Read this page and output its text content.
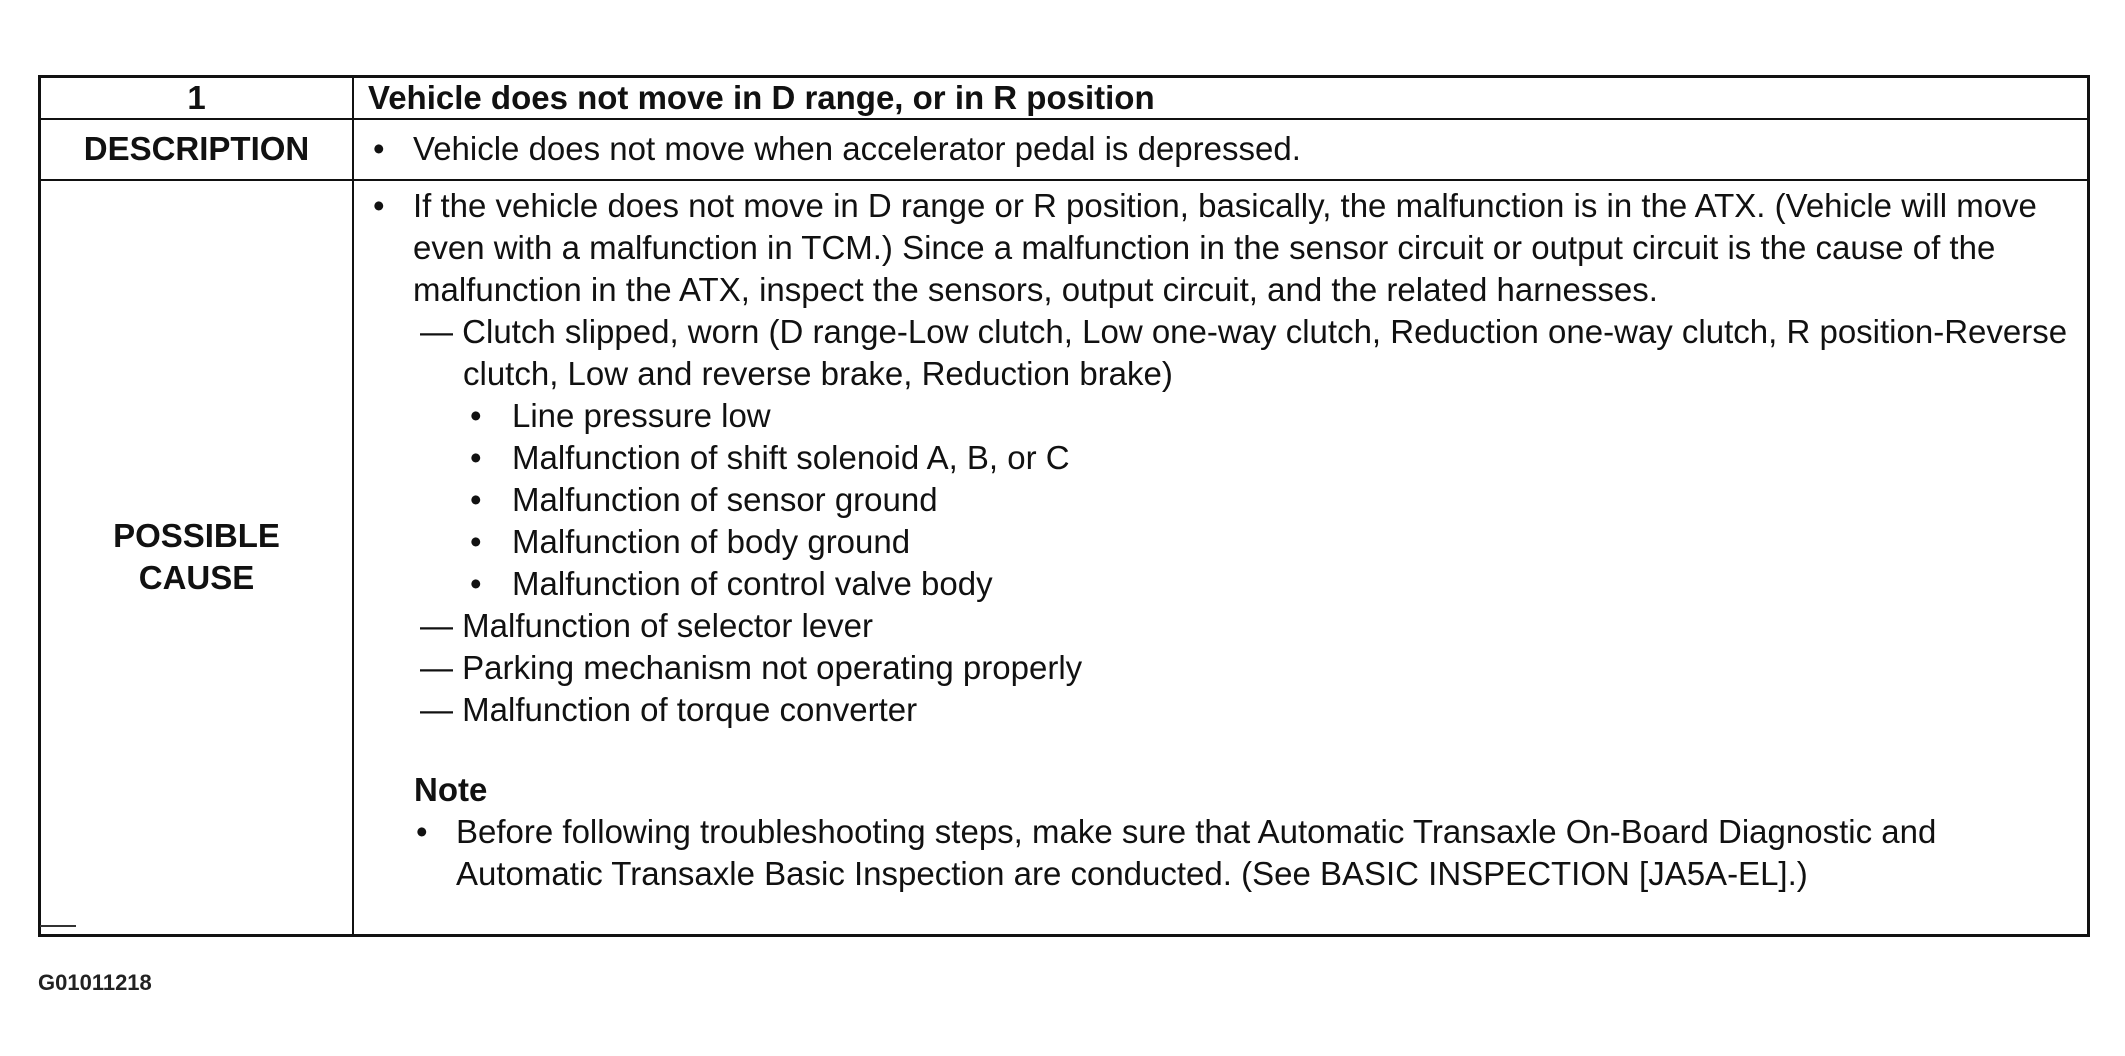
1
DESCRIPTION
POSSIBLE
CAUSE
Vehicle does not move in D range, or in R position
• Vehicle does not move when accelerator pedal is depressed.
• If the vehicle does not move in D range or R position, basically, the malfunction is in the ATX. (Vehicle will move even with a malfunction in TCM.) Since a malfunction in the sensor circuit or output circuit is the cause of the malfunction in the ATX, inspect the sensors, output circuit, and the related harnesses.
— Clutch slipped, worn (D range-Low clutch, Low one-way clutch, Reduction one-way clutch, R position-Reverse clutch, Low and reverse brake, Reduction brake)
• Line pressure low
• Malfunction of shift solenoid A, B, or C
• Malfunction of sensor ground
• Malfunction of body ground
• Malfunction of control valve body
— Malfunction of selector lever
— Parking mechanism not operating properly
— Malfunction of torque converter
Note
• Before following troubleshooting steps, make sure that Automatic Transaxle On-Board Diagnostic and Automatic Transaxle Basic Inspection are conducted. (See BASIC INSPECTION [JA5A-EL].)
G01011218
